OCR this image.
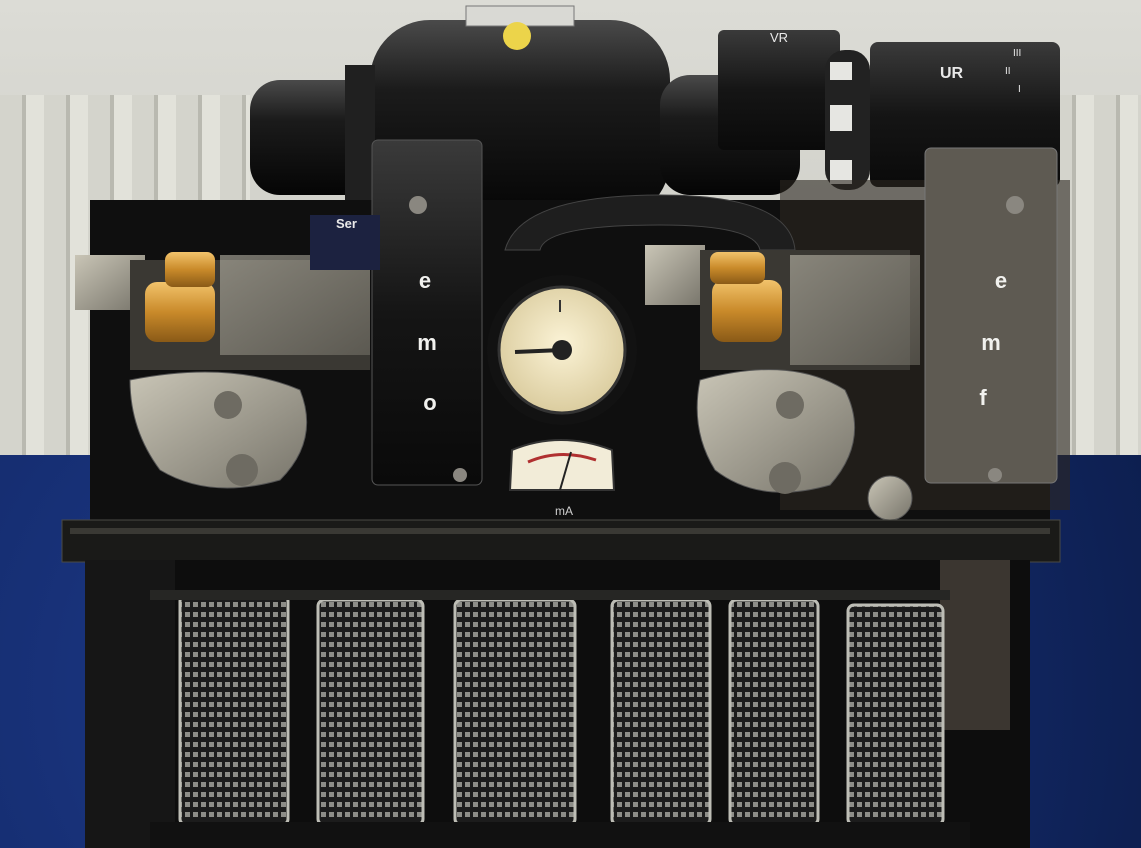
e
m
o
e
m
f
VR
UR
III
II
I
Ser
mA
